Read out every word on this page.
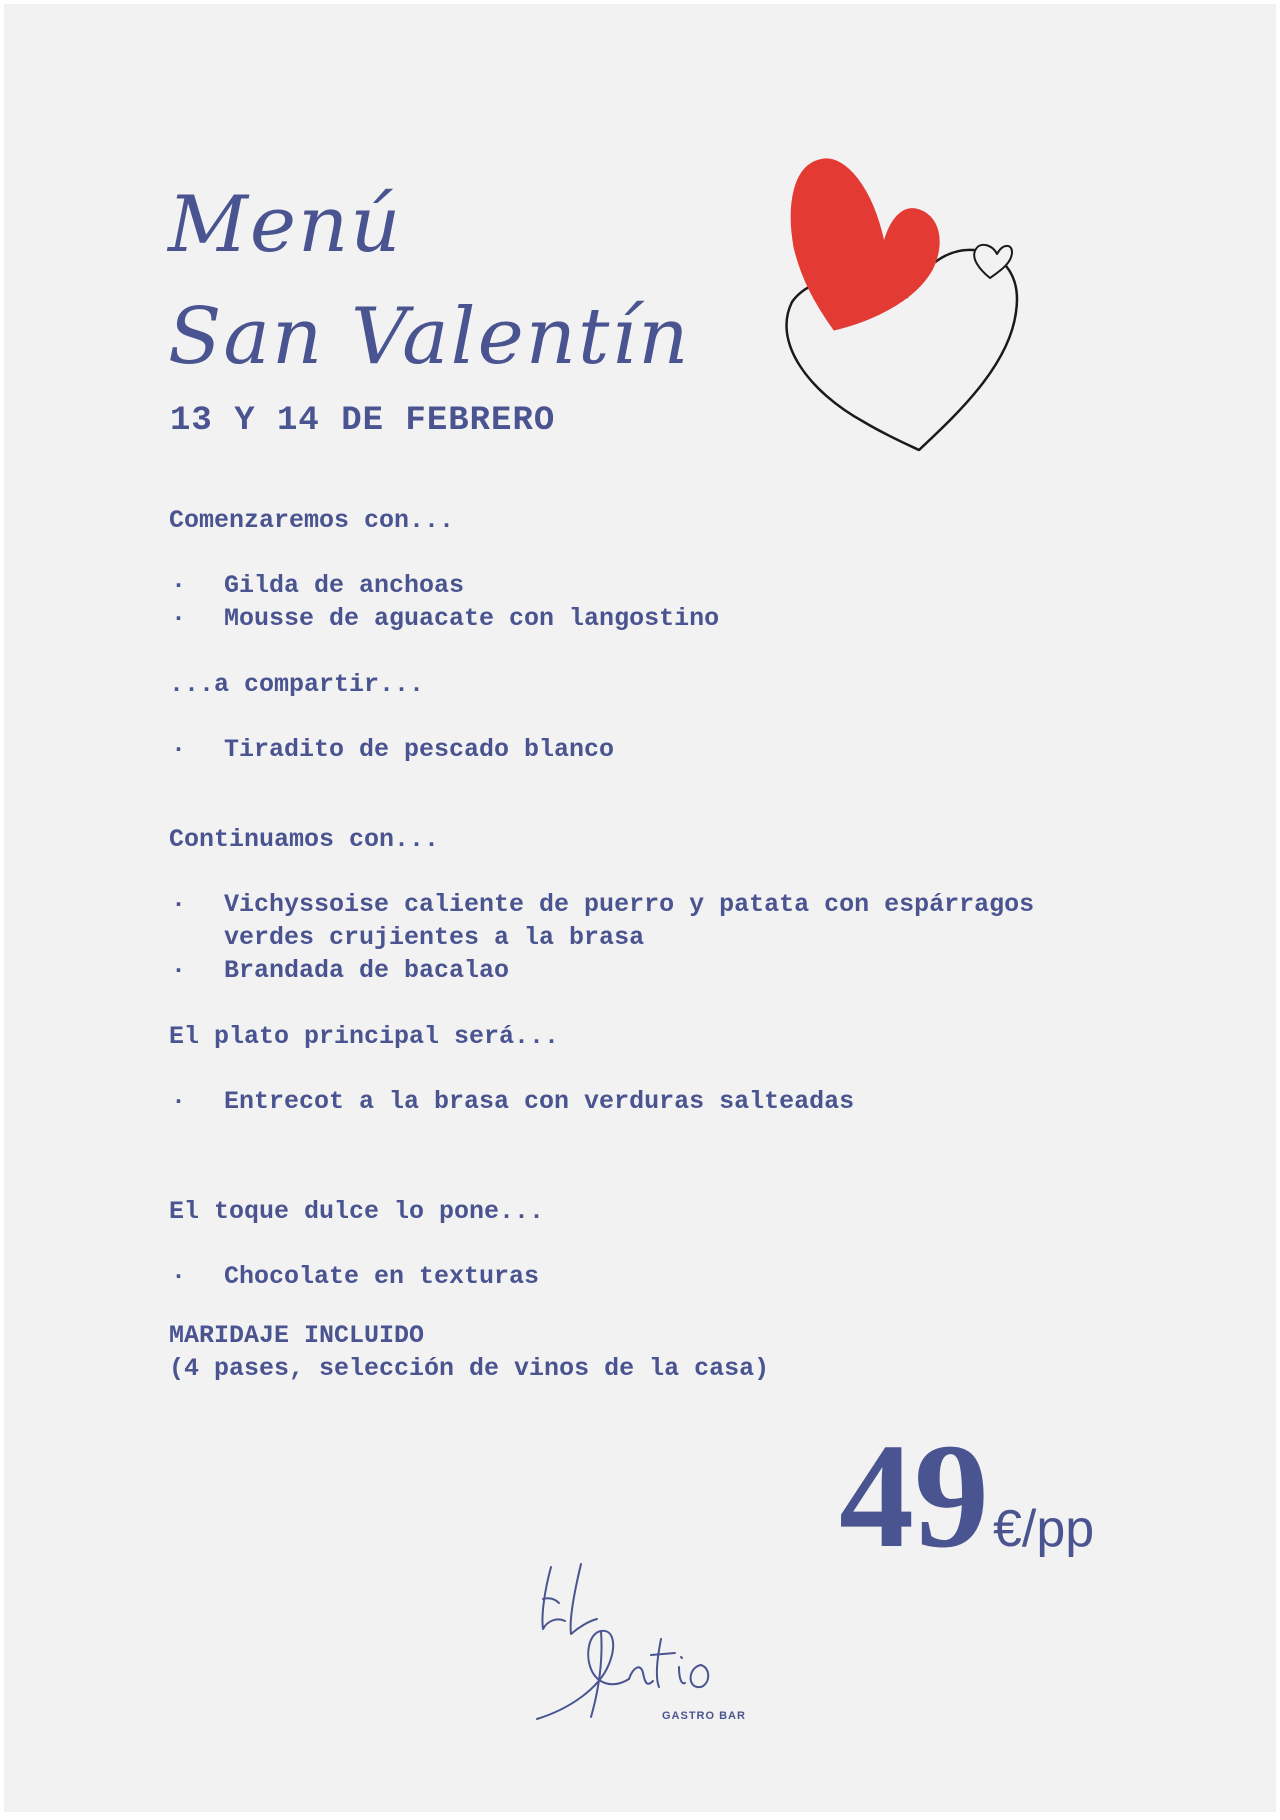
Menú
San Valentín
13 Y 14 DE FEBRERO
Comenzaremos con...
· Gilda de anchoas
· Mousse de aguacate con langostino
...a compartir...
· Tiradito de pescado blanco
Continuamos con...
· Vichyssoise caliente de puerro y patata con espárragos verdes crujientes a la brasa
· Brandada de bacalao
El plato principal será...
· Entrecot a la brasa con verduras salteadas
El toque dulce lo pone...
· Chocolate en texturas
MARIDAJE INCLUIDO
(4 pases, selección de vinos de la casa)
49 €/pp
GASTRO BAR
